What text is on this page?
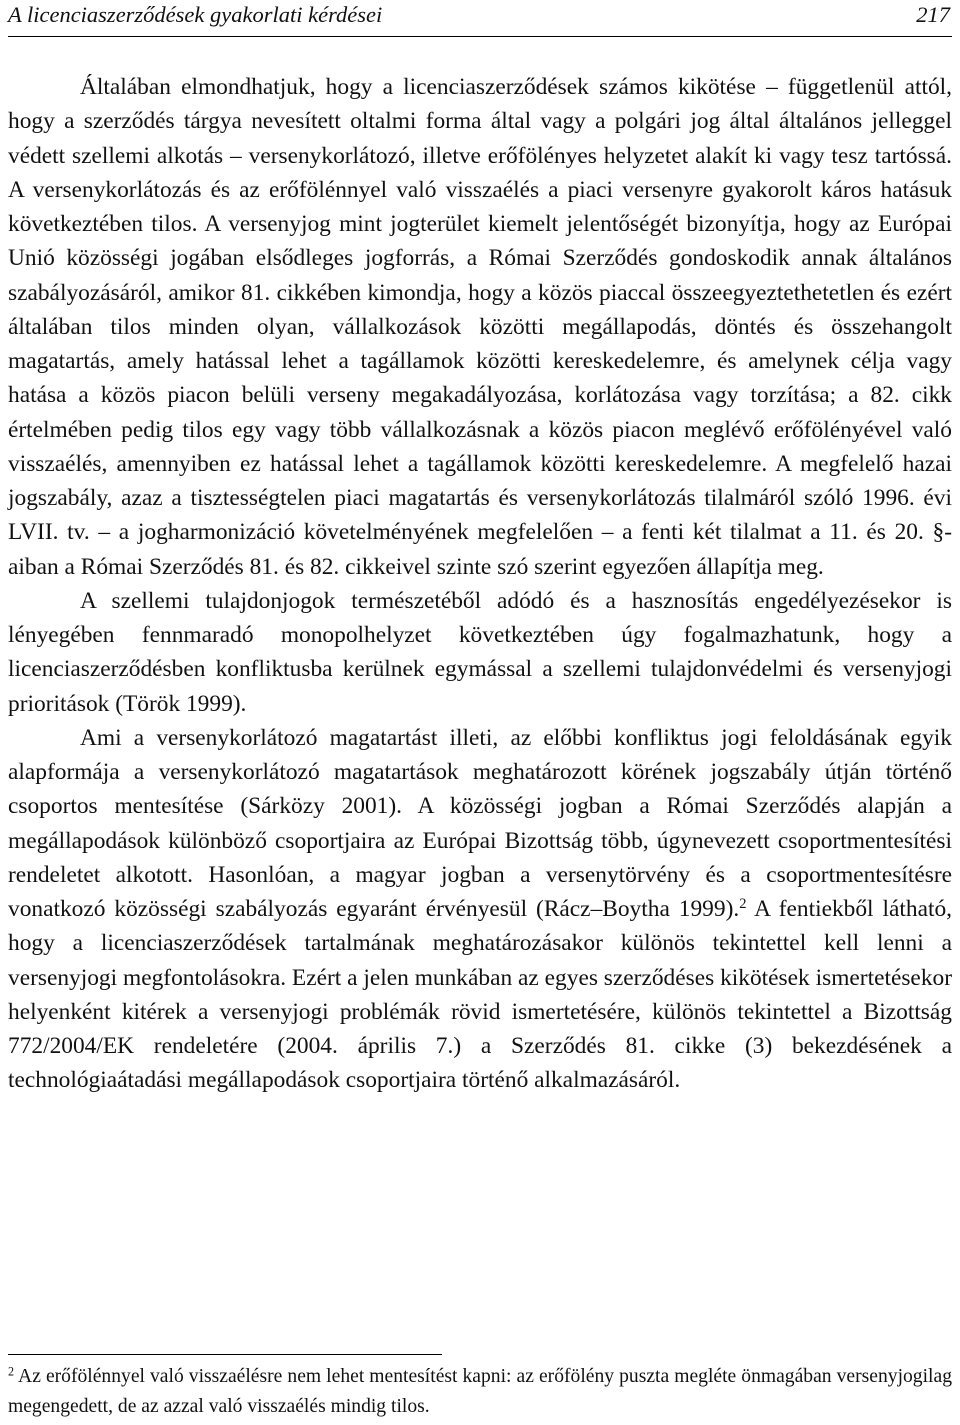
A licenciaszerződések gyakorlati kérdései	217

Általában elmondhatjuk, hogy a licenciaszerződések számos kikötése – függetlenül attól, hogy a szerződés tárgya nevesített oltalmi forma által vagy a polgári jog által általános jelleggel védett szellemi alkotás – versenykorlátozó, illetve erőfölényes helyzetet alakít ki vagy tesz tartóssá. A versenykorlátozás és az erőfölénnyel való visszaélés a piaci versenyre gyakorolt káros hatásuk következtében tilos. A versenyjog mint jogterület kiemelt jelentőségét bizonyítja, hogy az Európai Unió közösségi jogában elsődleges jogforrás, a Római Szerződés gondoskodik annak általános szabályozásáról, amikor 81. cikkében kimondja, hogy a közös piaccal összeegyeztethetetlen és ezért általában tilos minden olyan, vállalkozások közötti megállapodás, döntés és összehangolt magatartás, amely hatással lehet a tagállamok közötti kereskedelemre, és amelynek célja vagy hatása a közös piacon belüli verseny megakadályozása, korlátozása vagy torzítása; a 82. cikk értelmében pedig tilos egy vagy több vállalkozásnak a közös piacon meglévő erőfölényével való visszaélés, amennyiben ez hatással lehet a tagállamok közötti kereskedelemre. A megfelelő hazai jogszabály, azaz a tisztességtelen piaci magatartás és versenykorlátozás tilalmáról szóló 1996. évi LVII. tv. – a jogharmonizáció követelményének megfelelően – a fenti két tilalmat a 11. és 20. §-aiban a Római Szerződés 81. és 82. cikkeivel szinte szó szerint egyezően állapítja meg.

A szellemi tulajdonjogok természetéből adódó és a hasznosítás engedélyezésekor is lényegében fennmaradó monopolhelyzet következtében úgy fogalmazhatunk, hogy a licenciaszerződésben konfliktusba kerülnek egymással a szellemi tulajdonvédelmi és versenyjogi prioritások (Török 1999).

Ami a versenykorlátozó magatartást illeti, az előbbi konfliktus jogi feloldásának egyik alapformája a versenykorlátozó magatartások meghatározott körének jogszabály útján történő csoportos mentesítése (Sárközy 2001). A közösségi jogban a Római Szerződés alapján a megállapodások különböző csoportjaira az Európai Bizottság több, úgynevezett csoportmentesítési rendeletet alkotott. Hasonlóan, a magyar jogban a versenytörvény és a csoportmentesítésre vonatkozó közösségi szabályozás egyaránt érvényesül (Rácz–Boytha 1999).$^2$ A fentiekből látható, hogy a licenciaszerződések tartalmának meghatározásakor különös tekintettel kell lenni a versenyjogi megfontolásokra. Ezért a jelen munkában az egyes szerződéses kikötések ismertetésekor helyenként kitérek a versenyjogi problémák rövid ismertetésére, különös tekintettel a Bizottság 772/2004/EK rendeletére (2004. április 7.) a Szerződés 81. cikke (3) bekezdésének a technológiaátadási megállapodások csoportjaira történő alkalmazásáról.

$^2$ Az erőfölénnyel való visszaélésre nem lehet mentesítést kapni: az erőfölény puszta megléte önmagában versenyjogilag megengedett, de az azzal való visszaélés mindig tilos.
